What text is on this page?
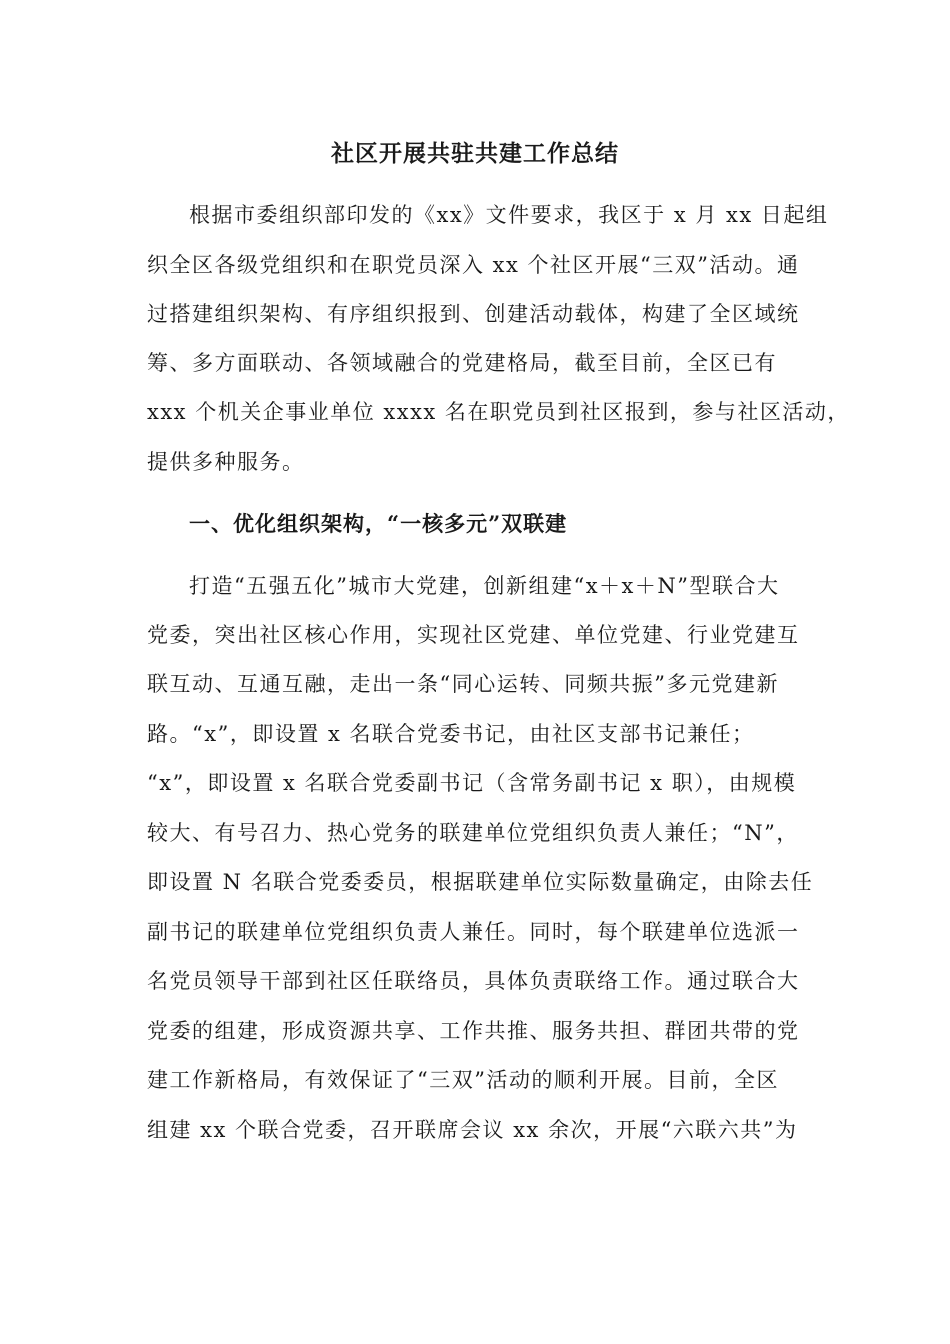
社区开展共驻共建工作总结
根据市委组织部印发的《xx》文件要求，我区于 x 月 xx 日起组
织全区各级党组织和在职党员深入 xx 个社区开展“三双”活动。通
过搭建组织架构、有序组织报到、创建活动载体，构建了全区域统
筹、多方面联动、各领域融合的党建格局，截至目前，全区已有
xxx 个机关企事业单位 xxxx 名在职党员到社区报到，参与社区活动，
提供多种服务。
一、优化组织架构，“一核多元”双联建
打造“五强五化”城市大党建，创新组建“x＋x＋N”型联合大
党委，突出社区核心作用，实现社区党建、单位党建、行业党建互
联互动、互通互融，走出一条“同心运转、同频共振”多元党建新
路。“x”，即设置 x 名联合党委书记，由社区支部书记兼任；
“x”，即设置 x 名联合党委副书记（含常务副书记 x 职），由规模
较大、有号召力、热心党务的联建单位党组织负责人兼任；“N”，
即设置 N 名联合党委委员，根据联建单位实际数量确定，由除去任
副书记的联建单位党组织负责人兼任。同时，每个联建单位选派一
名党员领导干部到社区任联络员，具体负责联络工作。通过联合大
党委的组建，形成资源共享、工作共推、服务共担、群团共带的党
建工作新格局，有效保证了“三双”活动的顺利开展。目前，全区
组建 xx 个联合党委，召开联席会议 xx 余次，开展“六联六共”为
